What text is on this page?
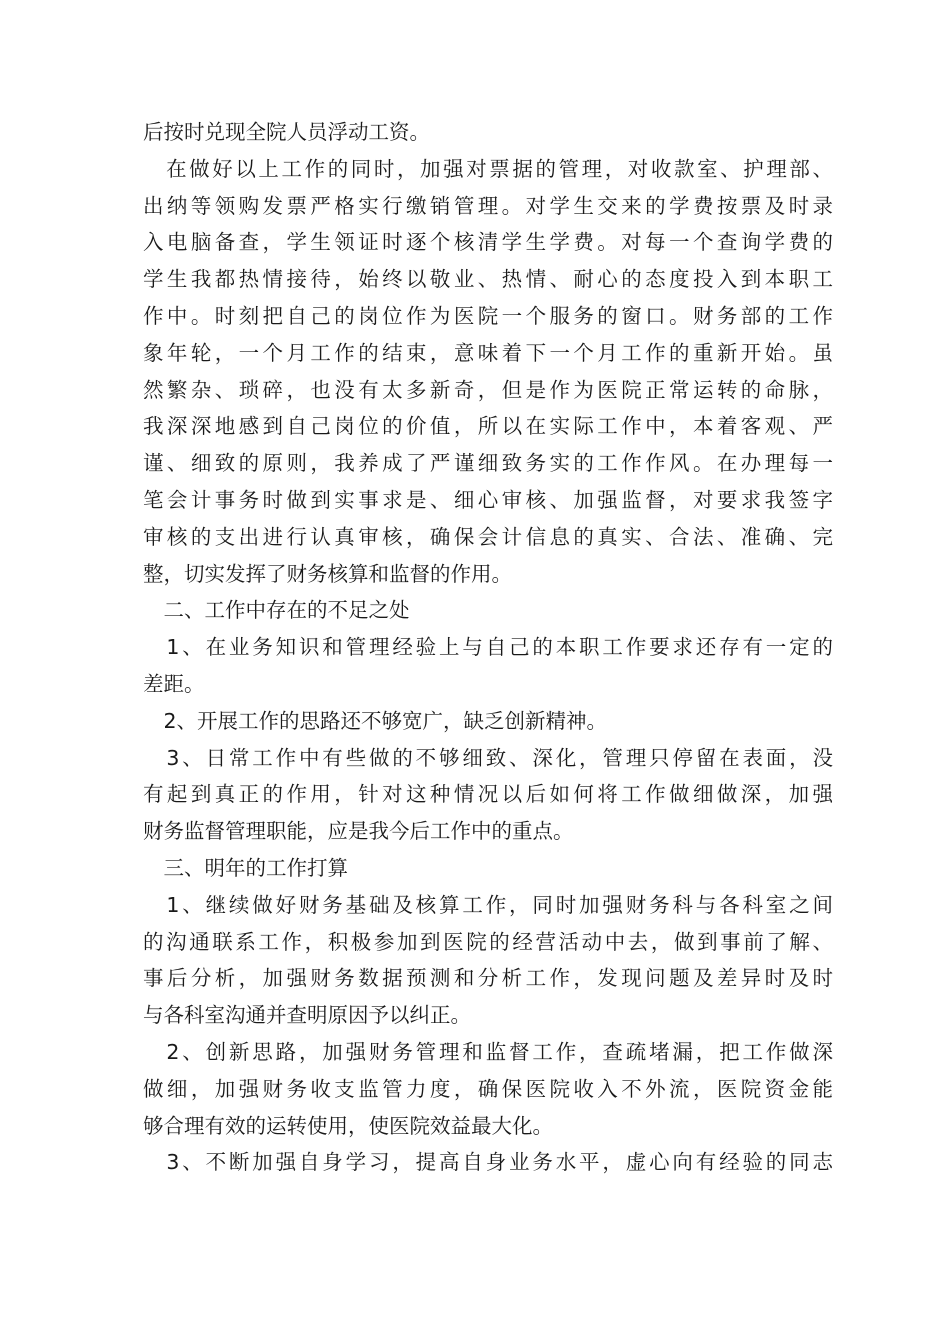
后按时兑现全院人员浮动工资。
　在做好以上工作的同时，加强对票据的管理，对收款室、护理部、
出纳等领购发票严格实行缴销管理。对学生交来的学费按票及时录
入电脑备查，学生领证时逐个核清学生学费。对每一个查询学费的
学生我都热情接待，始终以敬业、热情、耐心的态度投入到本职工
作中。时刻把自己的岗位作为医院一个服务的窗口。财务部的工作
象年轮，一个月工作的结束，意味着下一个月工作的重新开始。虽
然繁杂、琐碎，也没有太多新奇，但是作为医院正常运转的命脉，
我深深地感到自己岗位的价值，所以在实际工作中，本着客观、严
谨、细致的原则，我养成了严谨细致务实的工作作风。在办理每一
笔会计事务时做到实事求是、细心审核、加强监督，对要求我签字
审核的支出进行认真审核，确保会计信息的真实、合法、准确、完
整，切实发挥了财务核算和监督的作用。
　二、工作中存在的不足之处
　1、在业务知识和管理经验上与自己的本职工作要求还存有一定的
差距。
　2、开展工作的思路还不够宽广，缺乏创新精神。
　3、日常工作中有些做的不够细致、深化，管理只停留在表面，没
有起到真正的作用，针对这种情况以后如何将工作做细做深，加强
财务监督管理职能，应是我今后工作中的重点。
　三、明年的工作打算
　1、继续做好财务基础及核算工作，同时加强财务科与各科室之间
的沟通联系工作，积极参加到医院的经营活动中去，做到事前了解、
事后分析，加强财务数据预测和分析工作，发现问题及差异时及时
与各科室沟通并查明原因予以纠正。
　2、创新思路，加强财务管理和监督工作，查疏堵漏，把工作做深
做细，加强财务收支监管力度，确保医院收入不外流，医院资金能
够合理有效的运转使用，使医院效益最大化。
　3、不断加强自身学习，提高自身业务水平，虚心向有经验的同志
